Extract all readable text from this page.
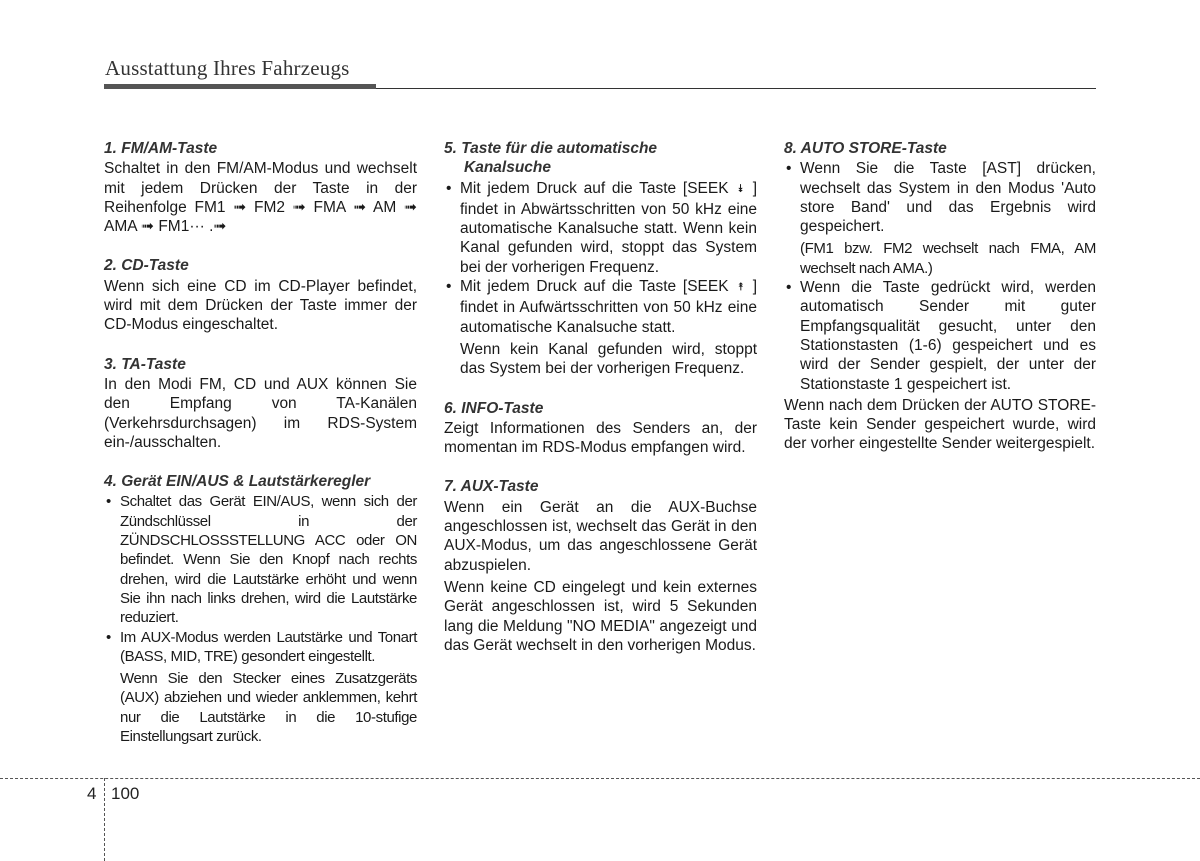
Ausstattung Ihres Fahrzeugs
1. FM/AM-Taste

Schaltet in den FM/AM-Modus und wechselt mit jedem Drücken der Taste in der Reihenfolge FM1 ➟ FM2 ➟ FMA ➟ AM ➟ AMA ➟ FM1··· .➟

2. CD-Taste

Wenn sich eine CD im CD-Player befindet, wird mit dem Drücken der Taste immer der CD-Modus eingeschaltet.

3. TA-Taste

In den Modi FM, CD und AUX können Sie den Empfang von TA-Kanälen (Verkehrsdurchsagen) im RDS-System ein-/ausschalten.

4. Gerät EIN/AUS & Lautstärkeregler
• Schaltet das Gerät EIN/AUS, wenn sich der Zündschlüssel in der ZÜNDSCHLOSSSTELLUNG ACC oder ON befindet. Wenn Sie den Knopf nach rechts drehen, wird die Lautstärke erhöht und wenn Sie ihn nach links drehen, wird die Lautstärke reduziert.
• Im AUX-Modus werden Lautstärke und Tonart (BASS, MID, TRE) gesondert eingestellt.

Wenn Sie den Stecker eines Zusatzgeräts (AUX) abziehen und wieder anklemmen, kehrt nur die Lautstärke in die 10-stufige Einstellungsart zurück.

5. Taste für die automatische
Kanalsuche
• Mit jedem Druck auf die Taste [SEEK ⯯ ] findet in Abwärtsschritten von 50 kHz eine automatische Kanalsuche statt. Wenn kein Kanal gefunden wird, stoppt das System bei der vorherigen Frequenz.
• Mit jedem Druck auf die Taste [SEEK ⯭ ] findet in Aufwärtsschritten von 50 kHz eine automatische Kanalsuche statt.

Wenn kein Kanal gefunden wird, stoppt das System bei der vorherigen Frequenz.

6. INFO-Taste

Zeigt Informationen des Senders an, der momentan im RDS-Modus empfangen wird.

7. AUX-Taste

Wenn ein Gerät an die AUX-Buchse angeschlossen ist, wechselt das Gerät in den AUX-Modus, um das angeschlossene Gerät abzuspielen.

Wenn keine CD eingelegt und kein externes Gerät angeschlossen ist, wird 5 Sekunden lang die Meldung "NO MEDIA" angezeigt und das Gerät wechselt in den vorherigen Modus.

8. AUTO STORE-Taste
• Wenn Sie die Taste [AST] drücken, wechselt das System in den Modus 'Auto store Band' und das Ergebnis wird gespeichert.
(FM1 bzw. FM2 wechselt nach FMA, AM wechselt nach AMA.)
• Wenn die Taste gedrückt wird, werden automatisch Sender mit guter Empfangsqualität gesucht, unter den Stationstasten (1-6) gespeichert und es wird der Sender gespielt, der unter der Stationstaste 1 gespeichert ist.

Wenn nach dem Drücken der AUTO STORE-Taste kein Sender gespeichert wurde, wird der vorher eingestellte Sender weitergespielt.

4 100
